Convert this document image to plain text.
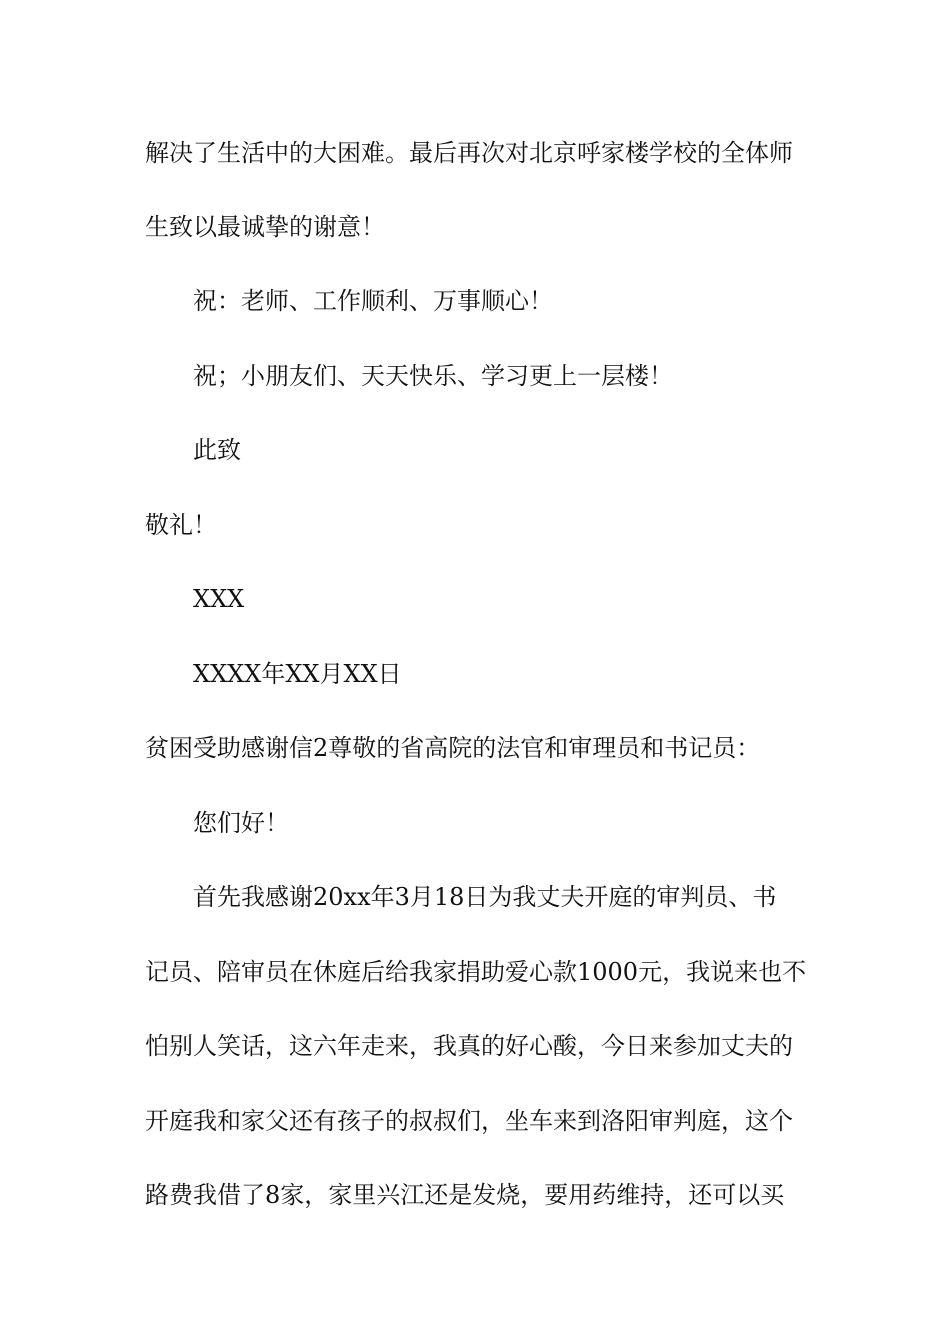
解决了生活中的大困难。最后再次对北京呼家楼学校的全体师
生致以最诚挚的谢意！
祝：老师、工作顺利、万事顺心！
祝；小朋友们、天天快乐、学习更上一层楼！
此致
敬礼！
XXX
XXXX年XX月XX日
贫困受助感谢信2尊敬的省高院的法官和审理员和书记员：
您们好！
首先我感谢20xx年3月18日为我丈夫开庭的审判员、书
记员、陪审员在休庭后给我家捐助爱心款1000元，我说来也不
怕别人笑话，这六年走来，我真的好心酸，今日来参加丈夫的
开庭我和家父还有孩子的叔叔们，坐车来到洛阳审判庭，这个
路费我借了8家，家里兴江还是发烧，要用药维持，还可以买
